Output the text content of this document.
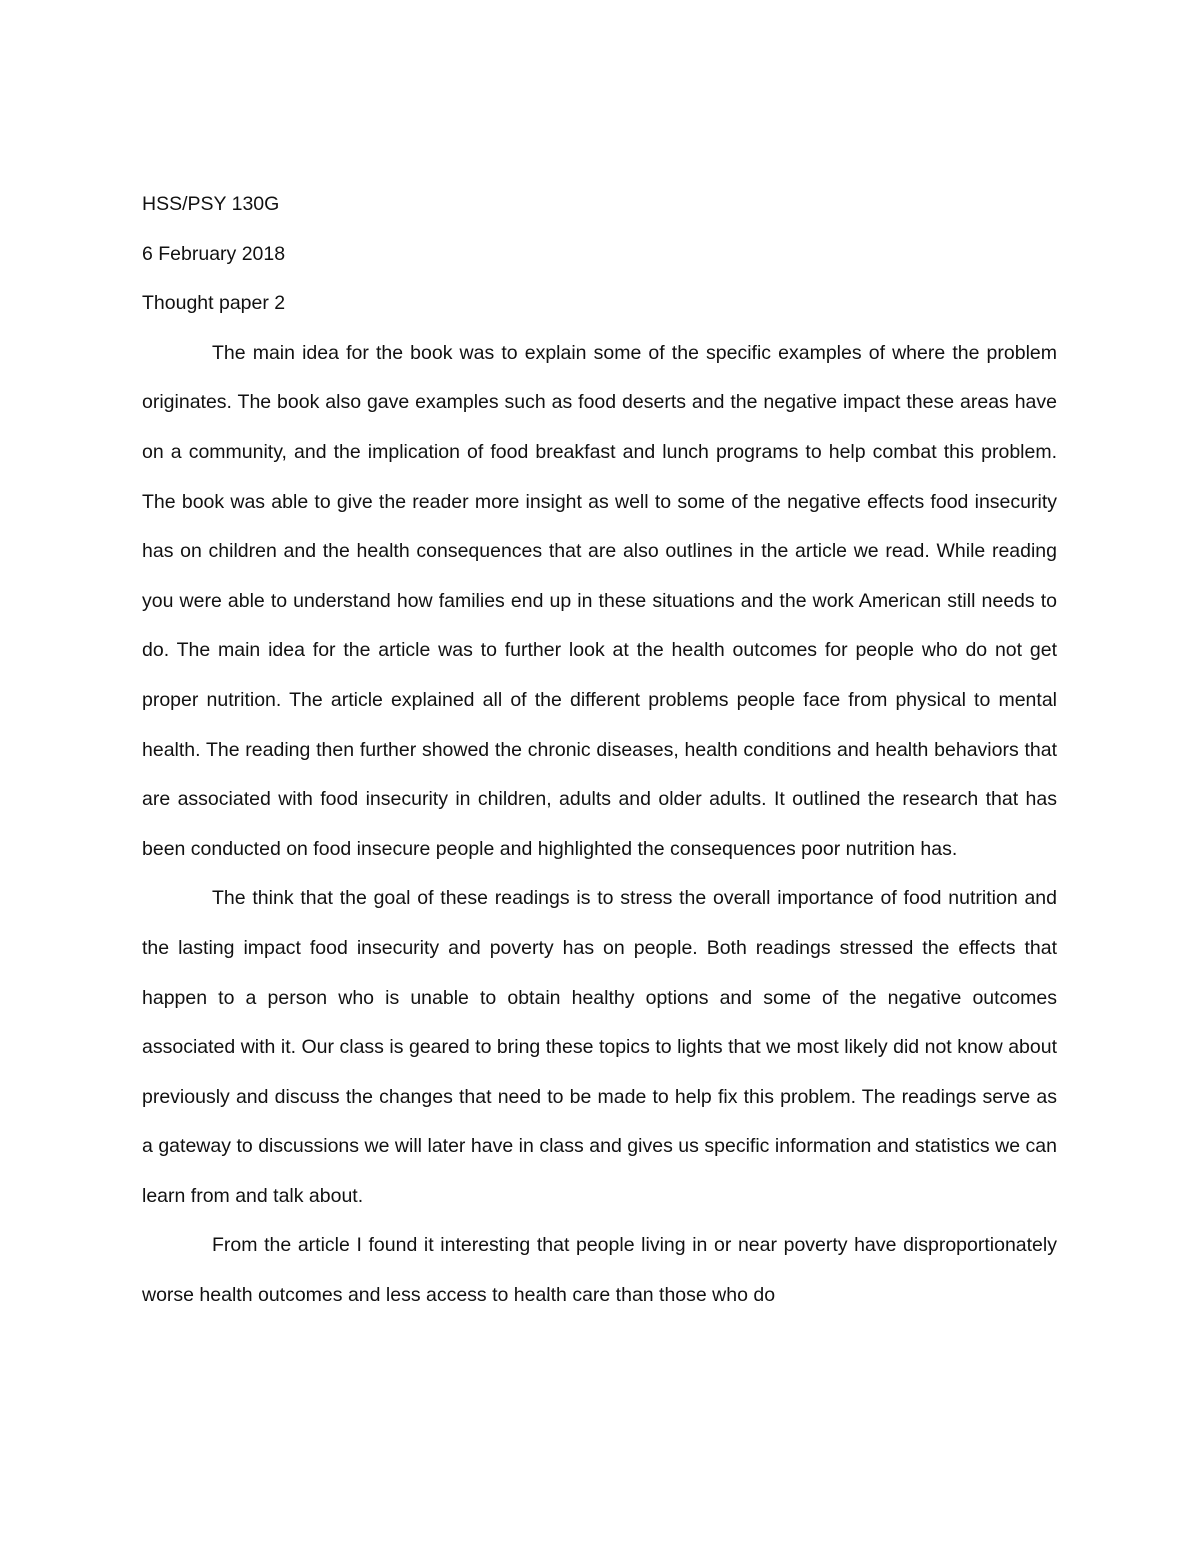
HSS/PSY 130G
6 February 2018
Thought paper 2

The main idea for the book was to explain some of the specific examples of where the problem originates. The book also gave examples such as food deserts and the negative impact these areas have on a community, and the implication of food breakfast and lunch programs to help combat this problem. The book was able to give the reader more insight as well to some of the negative effects food insecurity has on children and the health consequences that are also outlines in the article we read. While reading you were able to understand how families end up in these situations and the work American still needs to do. The main idea for the article was to further look at the health outcomes for people who do not get proper nutrition. The article explained all of the different problems people face from physical to mental health. The reading then further showed the chronic diseases, health conditions and health behaviors that are associated with food insecurity in children, adults and older adults. It outlined the research that has been conducted on food insecure people and highlighted the consequences poor nutrition has.

The think that the goal of these readings is to stress the overall importance of food nutrition and the lasting impact food insecurity and poverty has on people. Both readings stressed the effects that happen to a person who is unable to obtain healthy options and some of the negative outcomes associated with it. Our class is geared to bring these topics to lights that we most likely did not know about previously and discuss the changes that need to be made to help fix this problem. The readings serve as a gateway to discussions we will later have in class and gives us specific information and statistics we can learn from and talk about.

From the article I found it interesting that people living in or near poverty have disproportionately worse health outcomes and less access to health care than those who do
